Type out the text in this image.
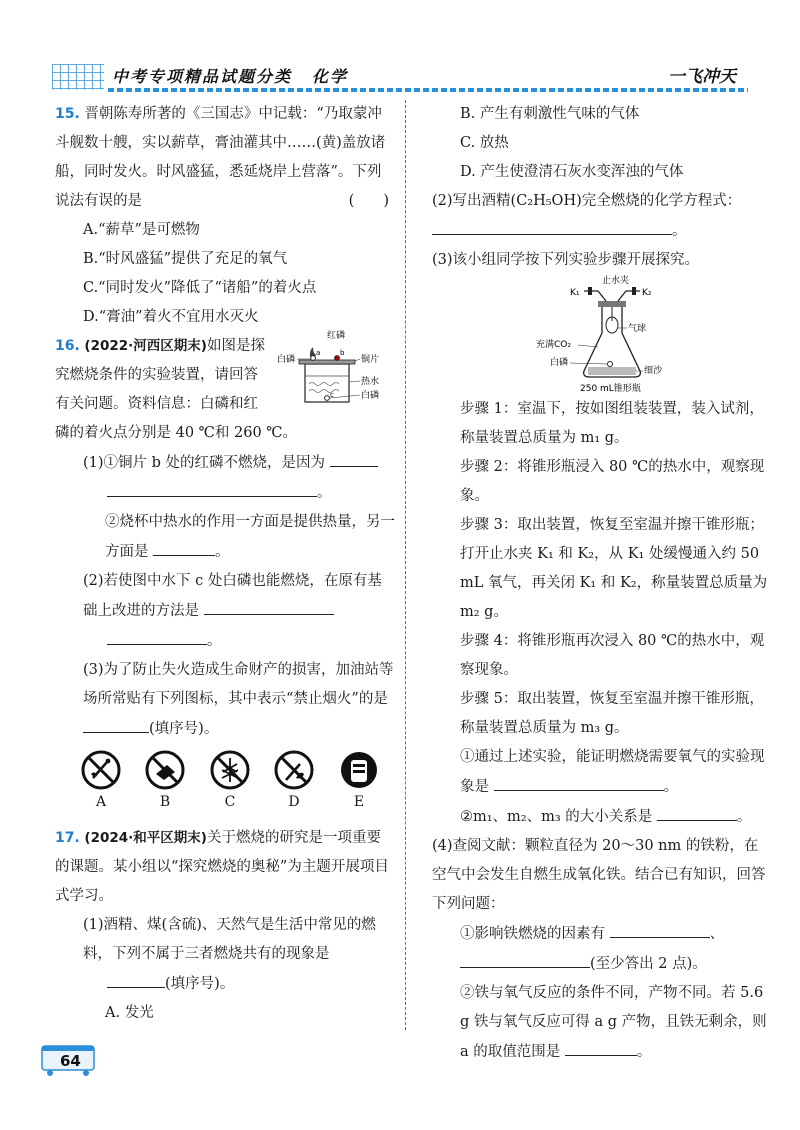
中考专项精品试题分类 化学	一飞冲天

15. 晋朝陈寿所著的《三国志》中记载：“乃取蒙冲斗舰数十艘，实以薪草，膏油灌其中……(黄)盖放诸船，同时发火。时风盛猛，悉延烧岸上营落”。下列说法有误的是	(　　)

A.“薪草”是可燃物
B.“时风盛猛”提供了充足的氧气
C.“同时发火”降低了“诸船”的着火点
D.“膏油”着火不宜用水灭火
白磷
红磷
a	b
c
铜片
热水
白磷

16. (2022·河西区期末)如图是探究燃烧条件的实验装置，请回答有关问题。资料信息：白磷和红磷的着火点分别是 40 ℃和 260 ℃。

(1)①铜片 b 处的红磷不燃烧，是因为
。

②烧杯中热水的作用一方面是提供热量，另一方面是	。

(2)若使图中水下 c 处白磷也能燃烧，在原有基础上改进的方法是
。

(3)为了防止失火造成生命财产的损害，加油站等场所常贴有下列图标，其中表示“禁止烟火”的是 (填序号)。

A	B	C	D	E

17. (2024·和平区期末)关于燃烧的研究是一项重要的课题。某小组以“探究燃烧的奥秘”为主题开展项目式学习。

(1)酒精、煤(含硫)、天然气是生活中常见的燃料，下列不属于三者燃烧共有的现象是
(填序号)。

A. 发光
B. 产生有刺激性气味的气体
C. 放热
D. 产生使澄清石灰水变浑浊的气体

(2)写出酒精(C₂H₅OH)完全燃烧的化学方程式： 。

(3)该小组同学按下列实验步骤开展探究。

止水夹
K₁	K₂
气球
充满CO₂
白磷
细沙
250 mL锥形瓶
步骤 1：室温下，按如图组装装置，装入试剂，称量装置总质量为 m₁ g。
步骤 2：将锥形瓶浸入 80 ℃的热水中，观察现象。
步骤 3：取出装置，恢复至室温并擦干锥形瓶；打开止水夹 K₁ 和 K₂，从 K₁ 处缓慢通入约 50 mL 氧气，再关闭 K₁ 和 K₂，称量装置总质量为 m₂ g。
步骤 4：将锥形瓶再次浸入 80 ℃的热水中，观察现象。
步骤 5：取出装置，恢复至室温并擦干锥形瓶，称量装置总质量为 m₃ g。

①通过上述实验，能证明燃烧需要氧气的实验现象是	。

②m₁、m₂、m₃ 的大小关系是	。

(4)查阅文献：颗粒直径为 20～30 nm 的铁粉，在空气中会发生自燃生成氧化铁。结合已有知识，回答下列问题：

①影响铁燃烧的因素有	、
(至少答出 2 点)。

②铁与氧气反应的条件不同，产物不同。若 5.6 g 铁与氧气反应可得 a g 产物，且铁无剩余，则 a 的取值范围是	。

64
